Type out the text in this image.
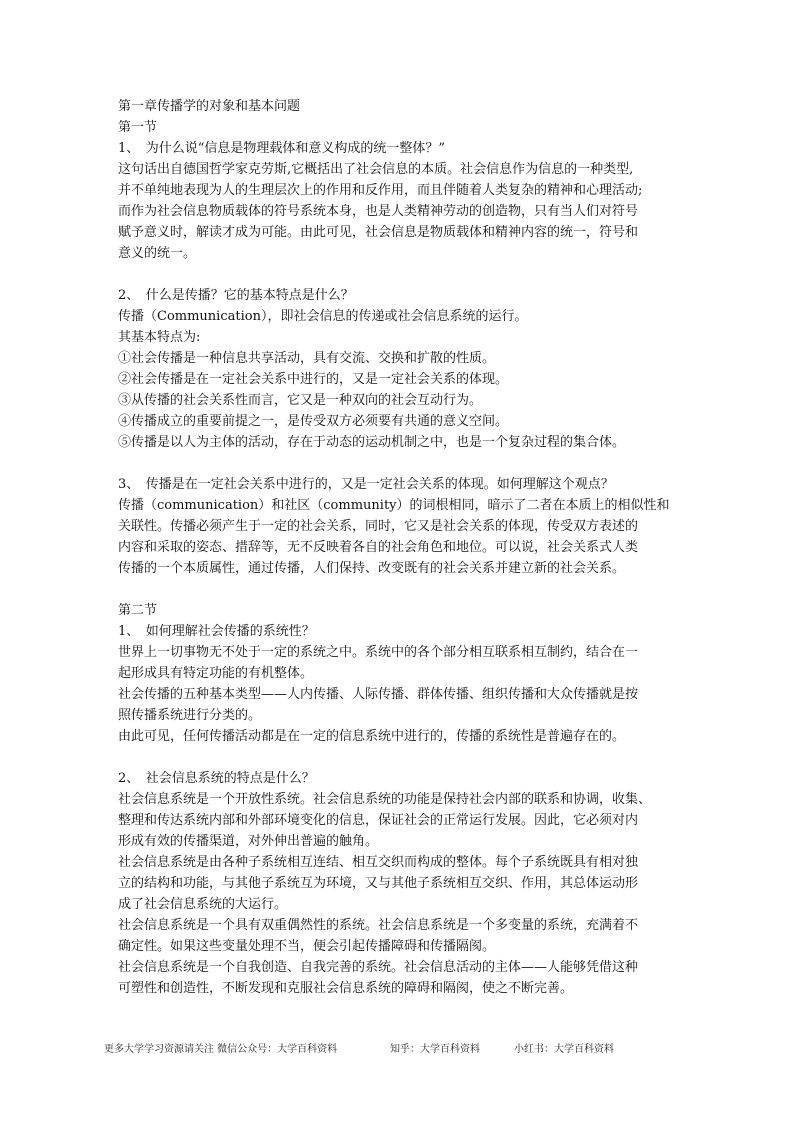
第一章传播学的对象和基本问题
第一节
1、　为什么说“信息是物理载体和意义构成的统一整体？”
这句话出自德国哲学家克劳斯,它概括出了社会信息的本质。社会信息作为信息的一种类型,
并不单纯地表现为人的生理层次上的作用和反作用，而且伴随着人类复杂的精神和心理活动;
而作为社会信息物质载体的符号系统本身，也是人类精神劳动的创造物，只有当人们对符号
赋予意义时，解读才成为可能。由此可见，社会信息是物质载体和精神内容的统一，符号和
意义的统一。
2、　什么是传播？它的基本特点是什么？
传播（Communication），即社会信息的传递或社会信息系统的运行。
其基本特点为:
①社会传播是一种信息共享活动，具有交流、交换和扩散的性质。
②社会传播是在一定社会关系中进行的，又是一定社会关系的体现。
③从传播的社会关系性而言，它又是一种双向的社会互动行为。
④传播成立的重要前提之一，是传受双方必须要有共通的意义空间。
⑤传播是以人为主体的活动，存在于动态的运动机制之中，也是一个复杂过程的集合体。
3、　传播是在一定社会关系中进行的，又是一定社会关系的体现。如何理解这个观点？
传播（communication）和社区（community）的词根相同，暗示了二者在本质上的相似性和
关联性。传播必须产生于一定的社会关系，同时，它又是社会关系的体现，传受双方表述的
内容和采取的姿态、措辞等，无不反映着各自的社会角色和地位。可以说，社会关系式人类
传播的一个本质属性，通过传播，人们保持、改变既有的社会关系并建立新的社会关系。
第二节
1、　如何理解社会传播的系统性？
世界上一切事物无不处于一定的系统之中。系统中的各个部分相互联系相互制约，结合在一
起形成具有特定功能的有机整体。
社会传播的五种基本类型——人内传播、人际传播、群体传播、组织传播和大众传播就是按
照传播系统进行分类的。
由此可见，任何传播活动都是在一定的信息系统中进行的，传播的系统性是普遍存在的。
2、　社会信息系统的特点是什么？
社会信息系统是一个开放性系统。社会信息系统的功能是保持社会内部的联系和协调，收集、
整理和传达系统内部和外部环境变化的信息，保证社会的正常运行发展。因此，它必须对内
形成有效的传播渠道，对外伸出普遍的触角。
社会信息系统是由各种子系统相互连结、相互交织而构成的整体。每个子系统既具有相对独
立的结构和功能，与其他子系统互为环境，又与其他子系统相互交织、作用，其总体运动形
成了社会信息系统的大运行。
社会信息系统是一个具有双重偶然性的系统。社会信息系统是一个多变量的系统，充满着不
确定性。如果这些变量处理不当，便会引起传播障碍和传播隔阂。
社会信息系统是一个自我创造、自我完善的系统。社会信息活动的主体——人能够凭借这种
可塑性和创造性，不断发现和克服社会信息系统的障碍和隔阂，使之不断完善。
更多大学学习资源请关注 微信公众号：大学百科资料	知乎：大学百科资料	小红书：大学百科资料
